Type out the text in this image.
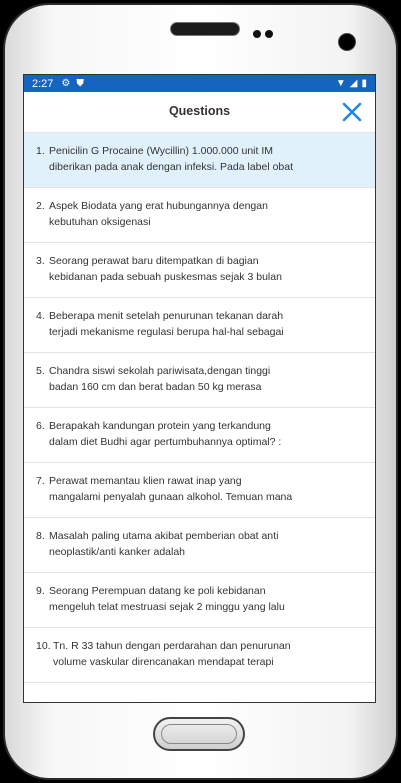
2:27 ⚙ ⛊	▼ ◢ ▮
Questions
1. Penicilin G Procaine (Wycillin) 1.000.000 unit IM
diberikan pada anak dengan infeksi. Pada label obat
2. Aspek Biodata yang erat hubungannya dengan
kebutuhan oksigenasi
3. Seorang perawat baru ditempatkan di bagian
kebidanan pada sebuah puskesmas sejak 3 bulan
4. Beberapa menit setelah penurunan tekanan darah
terjadi mekanisme regulasi berupa hal-hal sebagai
5. Chandra siswi sekolah pariwisata,dengan tinggi
badan 160 cm dan berat badan 50 kg merasa
6. Berapakah kandungan protein yang terkandung
dalam diet Budhi agar pertumbuhannya optimal? :
7. Perawat memantau klien rawat inap yang
mangalami penyalah gunaan alkohol. Temuan mana
8. Masalah paling utama akibat pemberian obat anti
neoplastik/anti kanker adalah
9. Seorang Perempuan datang ke poli kebidanan
mengeluh telat mestruasi sejak 2 minggu yang lalu
10. Tn. R 33 tahun dengan perdarahan dan penurunan
volume vaskular direncanakan mendapat terapi
